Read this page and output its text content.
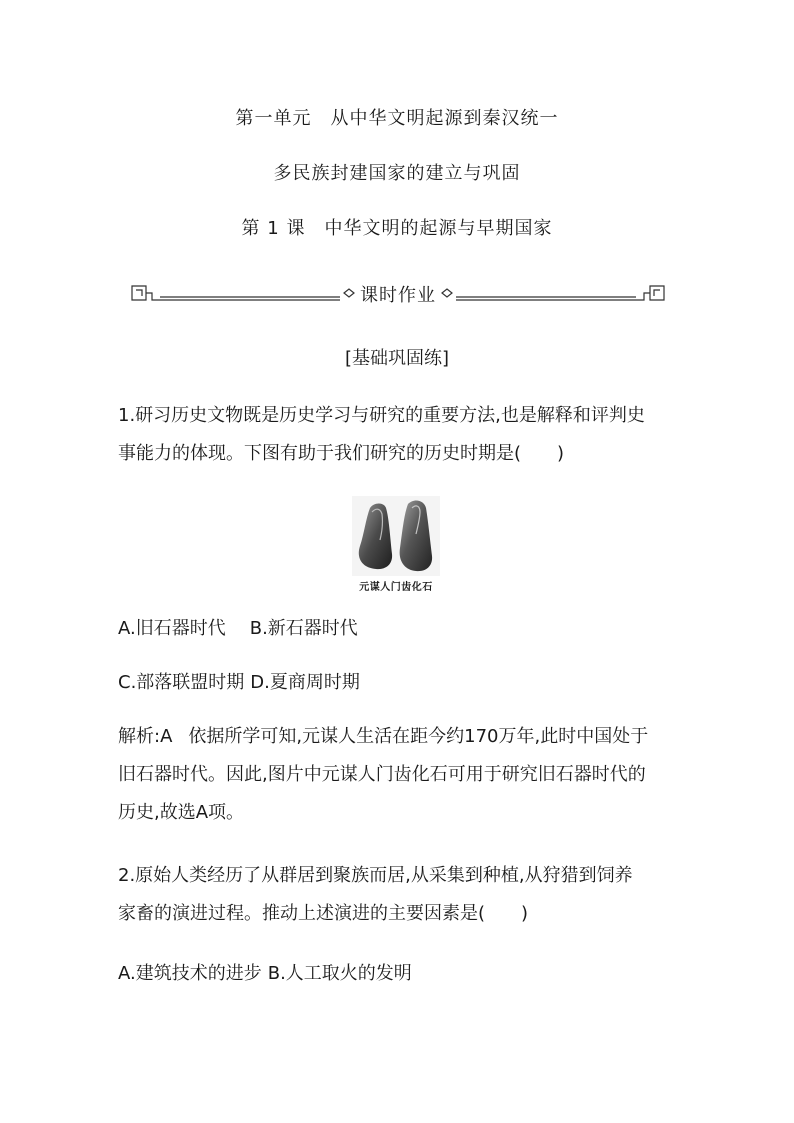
第一单元　从中华文明起源到秦汉统一
多民族封建国家的建立与巩固
第 1 课　中华文明的起源与早期国家
课时作业
[基础巩固练]
1.研习历史文物既是历史学习与研究的重要方法,也是解释和评判史
事能力的体现。下图有助于我们研究的历史时期是(　　)
元谋人门齿化石
A.旧石器时代 B.新石器时代
C.部落联盟时期 D.夏商周时期
解析:A 依据所学可知,元谋人生活在距今约170万年,此时中国处于
旧石器时代。因此,图片中元谋人门齿化石可用于研究旧石器时代的
历史,故选A项。
2.原始人类经历了从群居到聚族而居,从采集到种植,从狩猎到饲养
家畜的演进过程。推动上述演进的主要因素是(　　)
A.建筑技术的进步 B.人工取火的发明
